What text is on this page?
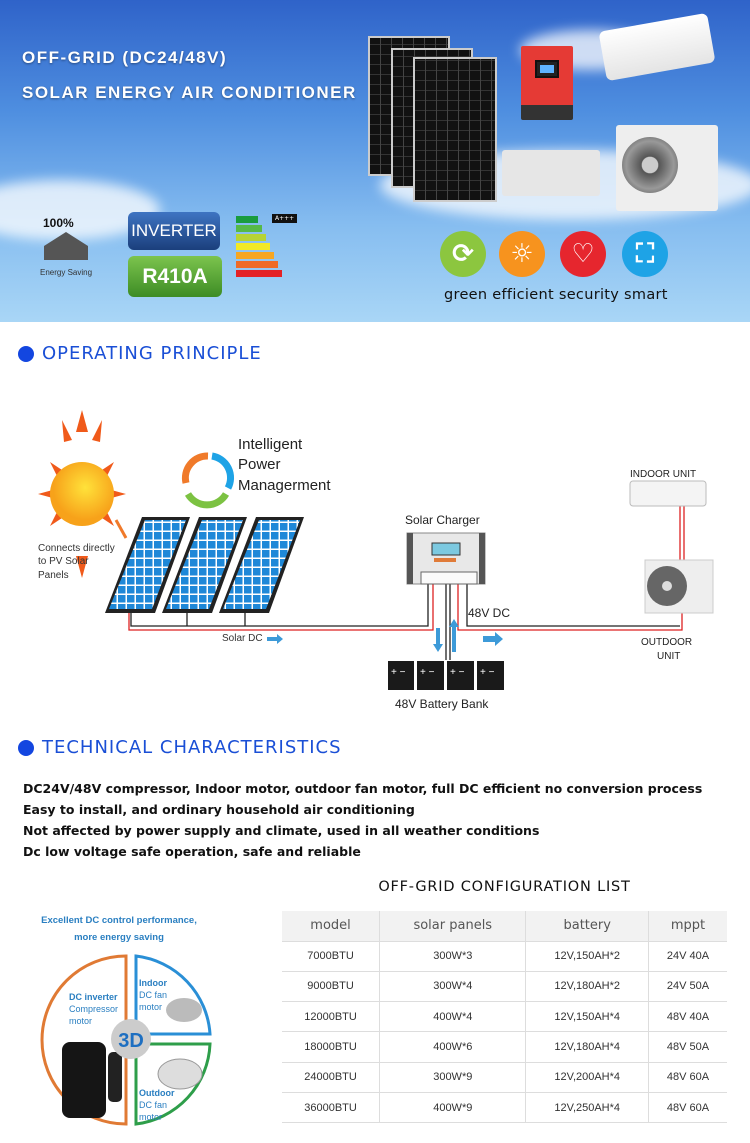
OFF-GRID (DC24/48V)
SOLAR ENERGY AIR CONDITIONER
100%
Energy Saving
INVERTER
R410A
A+++
⟳	☼	♡	⛶
green efficient security smart
OPERATING PRINCIPLE
Connects directly
to PV Solar
Panels
Intelligent
Power
Managerment
Solar Charger
48V DC
Solar DC
+ − + − + − + −
48V Battery Bank
INDOOR UNIT
OUTDOOR
UNIT
TECHNICAL CHARACTERISTICS
DC24V/48V compressor, Indoor motor, outdoor fan motor, full DC efficient no conversion process
Easy to install, and ordinary household air conditioning
Not affected by power supply and climate, used in all weather conditions
Dc low voltage safe operation, safe and reliable
Excellent DC control performance,
more energy saving
3D
DC inverter
Compressor
motor
Indoor
DC fan
motor
Outdoor
DC fan
motor
OFF-GRID CONFIGURATION LIST
model	solar panels	battery	mppt
7000BTU	300W*3	12V,150AH*2	24V 40A
9000BTU	300W*4	12V,180AH*2	24V 50A
12000BTU	400W*4	12V,150AH*4	48V 40A
18000BTU	400W*6	12V,180AH*4	48V 50A
24000BTU	300W*9	12V,200AH*4	48V 60A
36000BTU	400W*9	12V,250AH*4	48V 60A
